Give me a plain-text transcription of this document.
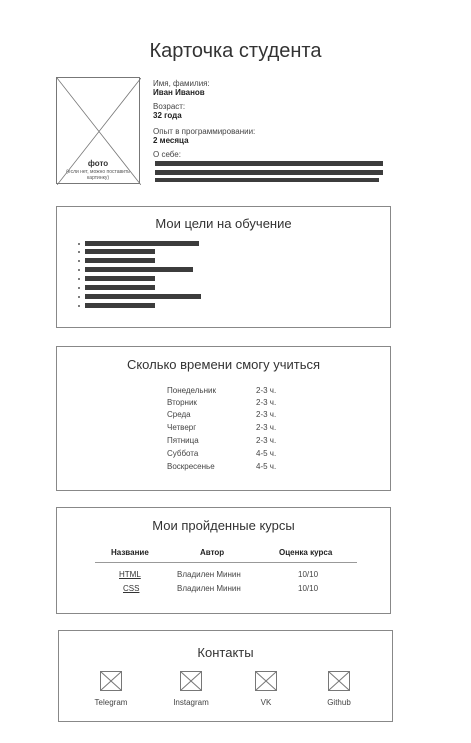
Карточка студента
фото
(если нет, можно поставить картинку)
Имя, фамилия:
Иван Иванов
Возраст:
32 года
Опыт в программировании:
2 месяца
О себе:
Мои цели на обучение
Сколько времени смогу учиться
Понедельник	2-3 ч.
Вторник	2-3 ч.
Среда	2-3 ч.
Четверг	2-3 ч.
Пятница	2-3 ч.
Суббота	4-5 ч.
Воскресенье	4-5 ч.
Мои пройденные курсы
Название	Автор	Оценка курса
HTML	Владилен Минин	10/10
CSS	Владилен Минин	10/10
Контакты
Telegram	Instagram	VK	Github
